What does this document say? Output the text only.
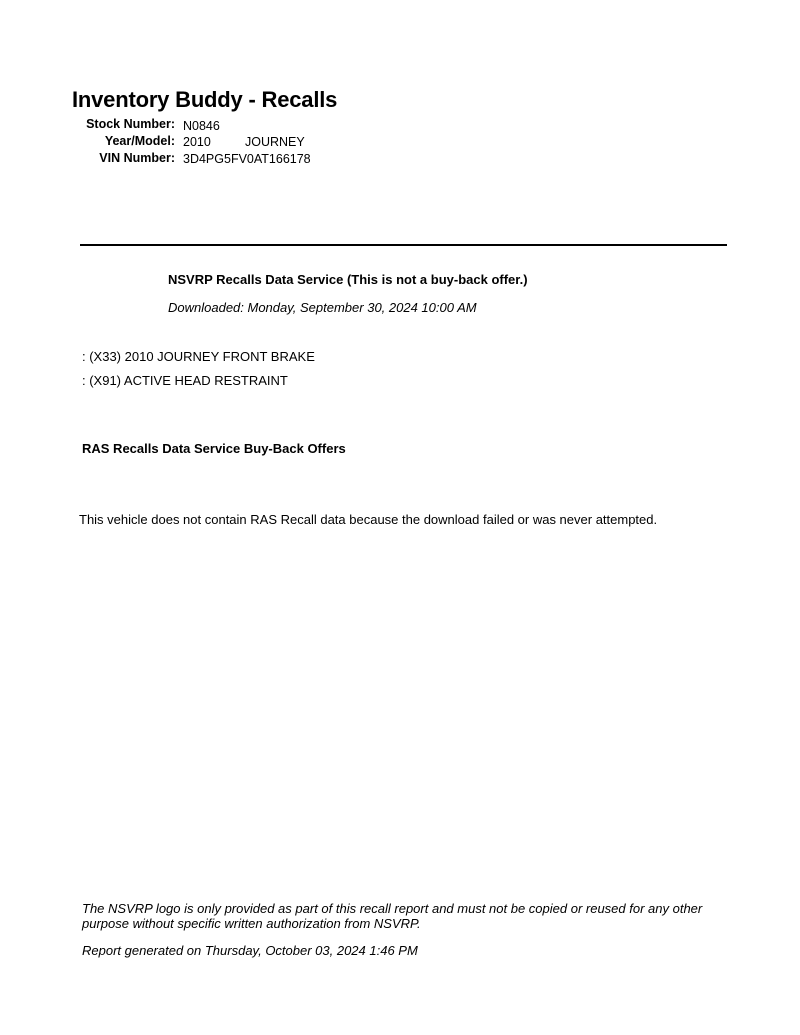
Inventory Buddy - Recalls
Stock Number: N0846
Year/Model: 2010	JOURNEY
VIN Number: 3D4PG5FV0AT166178
NSVRP Recalls Data Service (This is not a buy-back offer.)
Downloaded: Monday, September 30, 2024 10:00 AM
: (X33) 2010 JOURNEY FRONT BRAKE
: (X91) ACTIVE HEAD RESTRAINT
RAS Recalls Data Service Buy-Back Offers
This vehicle does not contain RAS Recall data because the download failed or was never attempted.
The NSVRP logo is only provided as part of this recall report and must not be copied or reused for any other purpose without specific written authorization from NSVRP.
Report generated on Thursday, October 03, 2024 1:46 PM
